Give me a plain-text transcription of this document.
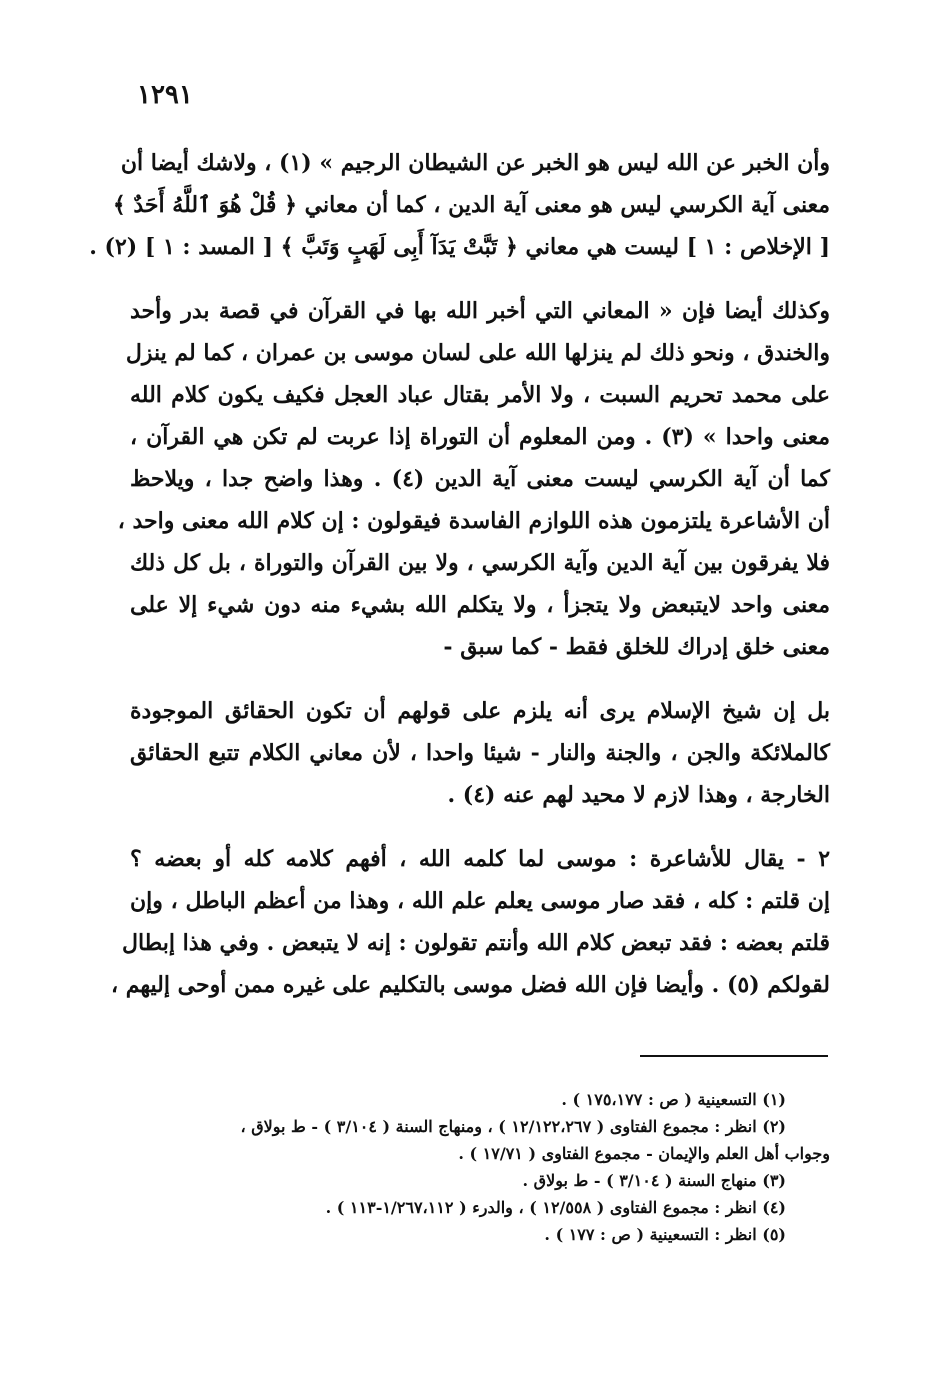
١٢٩١
وأن الخبر عن الله ليس هو الخبر عن الشيطان الرجيم » (١) ، ولاشك أيضا أن
معنى آية الكرسي ليس هو معنى آية الدين ، كما أن معاني ﴿ قُلْ هُوَ ٱللَّهُ أَحَدٌ ﴾
[ الإخلاص : ١ ] ليست هي معاني ﴿ تَبَّتْ يَدَآ أَبِى لَهَبٍ وَتَبَّ ﴾ [ المسد : ١ ] (٢) .
وكذلك أيضا فإن « المعاني التي أخبر الله بها في القرآن في قصة بدر وأحد
والخندق ، ونحو ذلك لم ينزلها الله على لسان موسى بن عمران ، كما لم ينزل
على محمد تحريم السبت ، ولا الأمر بقتال عباد العجل فكيف يكون كلام الله
معنى واحدا » (٣) . ومن المعلوم أن التوراة إذا عربت لم تكن هي القرآن ،
كما أن آية الكرسي ليست معنى آية الدين (٤) . وهذا واضح جدا ، ويلاحظ
أن الأشاعرة يلتزمون هذه اللوازم الفاسدة فيقولون : إن كلام الله معنى واحد ،
فلا يفرقون بين آية الدين وآية الكرسي ، ولا بين القرآن والتوراة ، بل كل ذلك
معنى واحد لايتبعض ولا يتجزأ ، ولا يتكلم الله بشيء منه دون شيء إلا على
معنى خلق إدراك للخلق فقط - كما سبق -
بل إن شيخ الإسلام يرى أنه يلزم على قولهم أن تكون الحقائق الموجودة
كالملائكة والجن ، والجنة والنار - شيئا واحدا ، لأن معاني الكلام تتبع الحقائق
الخارجة ، وهذا لازم لا محيد لهم عنه (٤) .
٢ - يقال للأشاعرة : موسى لما كلمه الله ، أفهم كلامه كله أو بعضه ؟
إن قلتم : كله ، فقد صار موسى يعلم علم الله ، وهذا من أعظم الباطل ، وإن
قلتم بعضه : فقد تبعض كلام الله وأنتم تقولون : إنه لا يتبعض . وفي هذا إبطال
لقولكم (٥) . وأيضا فإن الله فضل موسى بالتكليم على غيره ممن أوحى إليهم ،
(١) التسعينية ( ص : ١٧٥،١٧٧ ) .
(٢) انظر : مجموع الفتاوى ( ١٢/١٢٢،٢٦٧ ) ، ومنهاج السنة ( ٣/١٠٤ ) - ط بولاق ،
وجواب أهل العلم والإيمان - مجموع الفتاوى ( ١٧/٧١ ) .
(٣) منهاج السنة ( ٣/١٠٤ ) - ط بولاق .
(٤) انظر : مجموع الفتاوى ( ١٢/٥٥٨ ) ، والدرء ( ١/٢٦٧،١١٢-١١٣ ) .
(٥) انظر : التسعينية ( ص : ١٧٧ ) .
